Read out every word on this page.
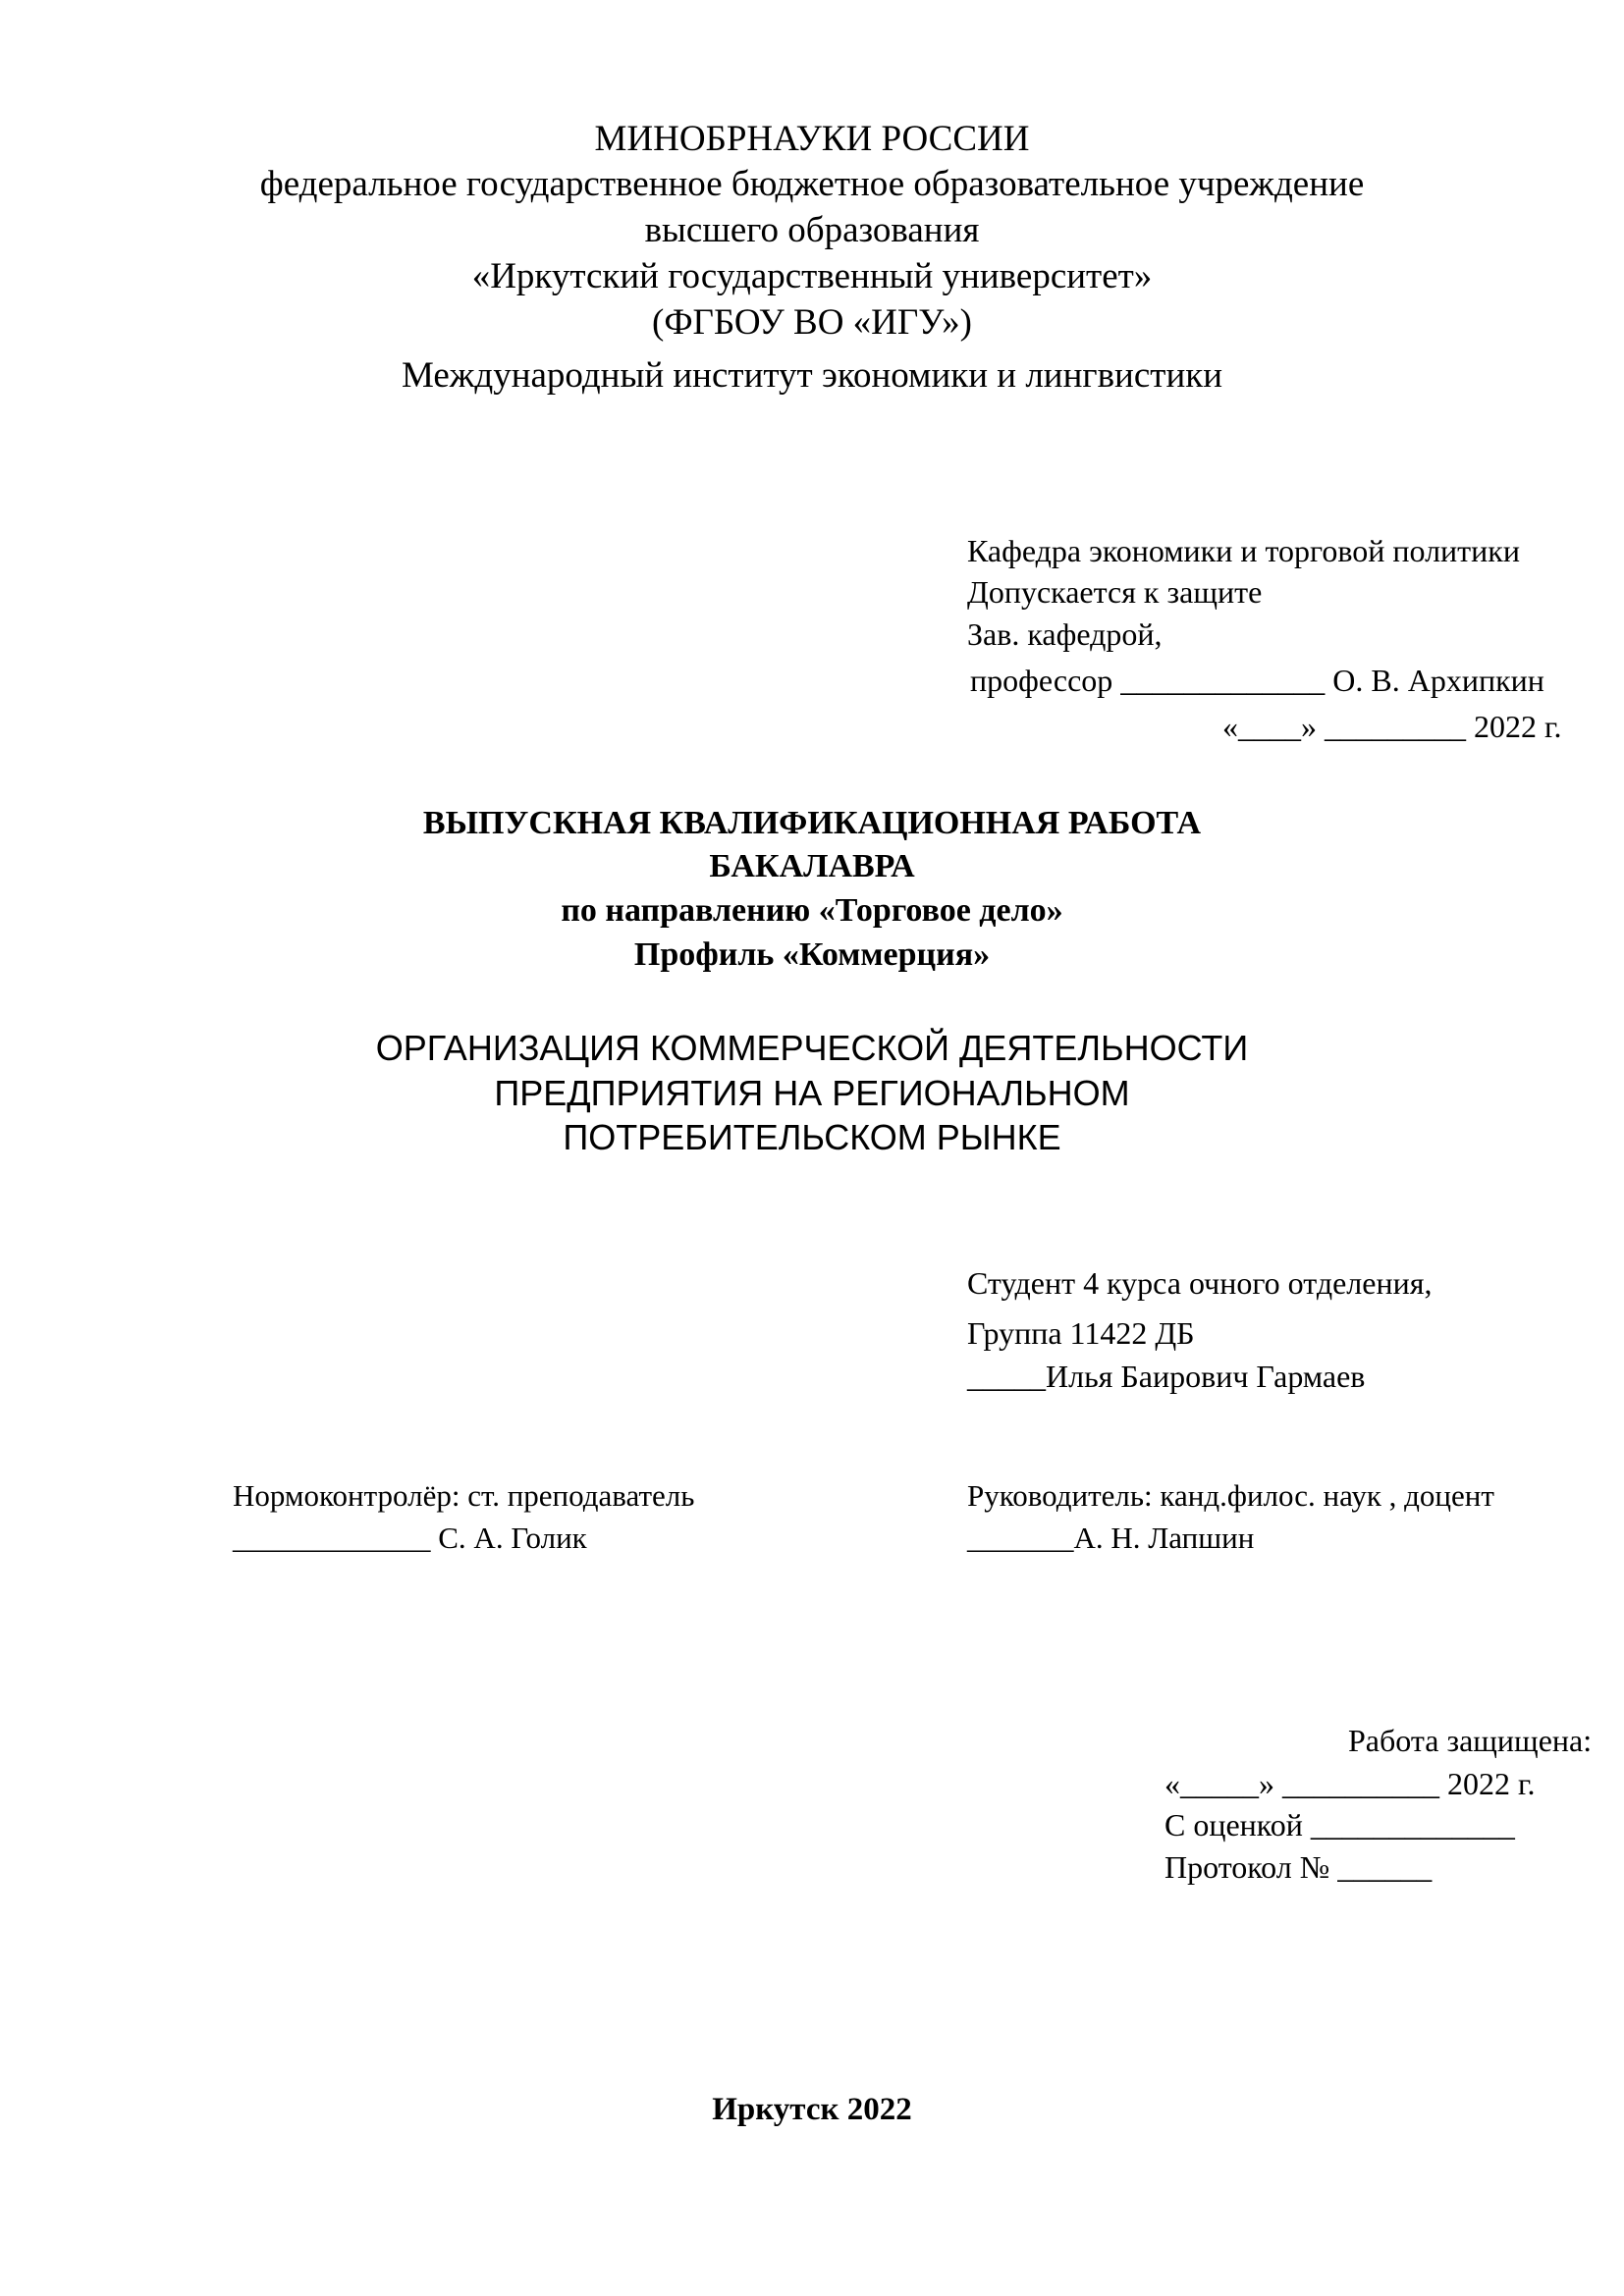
МИНОБРНАУКИ РОССИИ
федеральное государственное бюджетное образовательное учреждение
высшего образования
«Иркутский государственный университет»
(ФГБОУ ВО «ИГУ»)
Международный институт экономики и лингвистики
Кафедра экономики и торговой политики
Допускается к защите
Зав. кафедрой,
профессор _____________ О. В. Архипкин
«____» _________ 2022 г.
ВЫПУСКНАЯ КВАЛИФИКАЦИОННАЯ РАБОТА
БАКАЛАВРА
по направлению «Торговое дело»
Профиль «Коммерция»
ОРГАНИЗАЦИЯ КОММЕРЧЕСКОЙ ДЕЯТЕЛЬНОСТИ
ПРЕДПРИЯТИЯ НА РЕГИОНАЛЬНОМ
ПОТРЕБИТЕЛЬСКОМ РЫНКЕ
Студент 4 курса очного отделения,
Группа 11422 ДБ
_____Илья Баирович Гармаев
Нормоконтролёр: ст. преподаватель
_____________ С. А. Голик
Руководитель: канд.филос. наук , доцент
_______А. Н. Лапшин
Работа защищена:
«_____» __________ 2022 г.
С оценкой _____________
Протокол № ______
Иркутск 2022
